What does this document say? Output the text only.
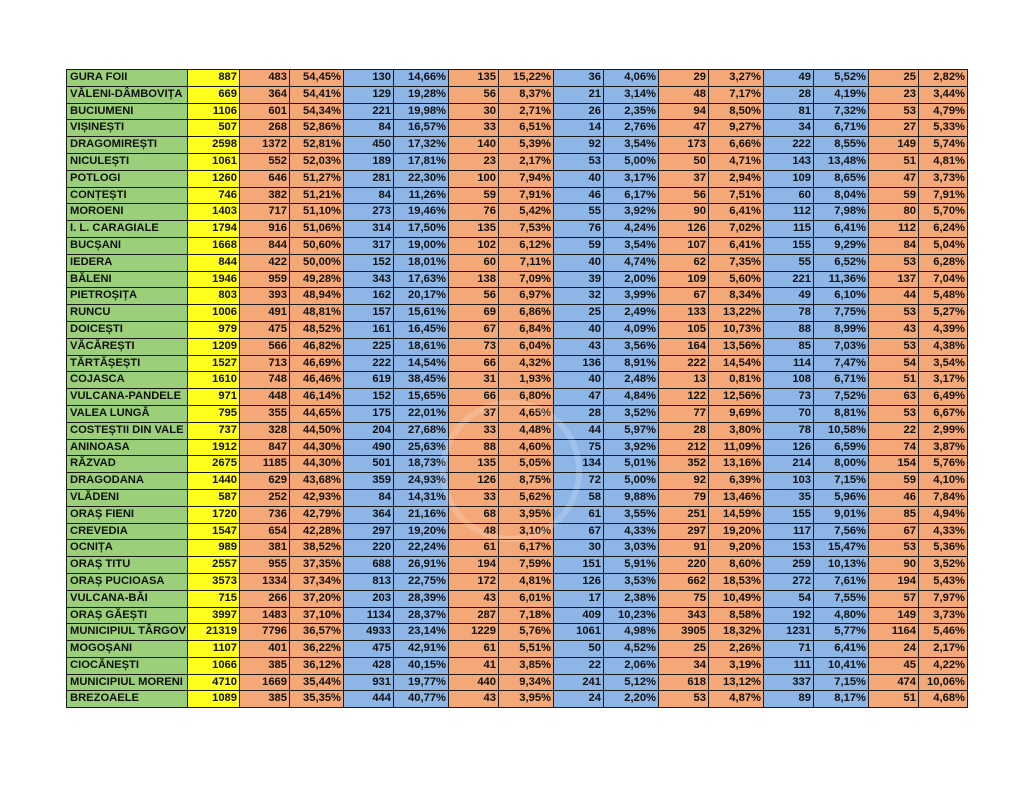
GURA FOII	887	483	54,45%	130	14,66%	135	15,22%	36	4,06%	29	3,27%	49	5,52%	25	2,82%
VĂLENI-DÂMBOVIȚA	669	364	54,41%	129	19,28%	56	8,37%	21	3,14%	48	7,17%	28	4,19%	23	3,44%
BUCIUMENI	1106	601	54,34%	221	19,98%	30	2,71%	26	2,35%	94	8,50%	81	7,32%	53	4,79%
VIȘINEȘTI	507	268	52,86%	84	16,57%	33	6,51%	14	2,76%	47	9,27%	34	6,71%	27	5,33%
DRAGOMIREȘTI	2598	1372	52,81%	450	17,32%	140	5,39%	92	3,54%	173	6,66%	222	8,55%	149	5,74%
NICULEȘTI	1061	552	52,03%	189	17,81%	23	2,17%	53	5,00%	50	4,71%	143	13,48%	51	4,81%
POTLOGI	1260	646	51,27%	281	22,30%	100	7,94%	40	3,17%	37	2,94%	109	8,65%	47	3,73%
CONȚEȘTI	746	382	51,21%	84	11,26%	59	7,91%	46	6,17%	56	7,51%	60	8,04%	59	7,91%
MOROENI	1403	717	51,10%	273	19,46%	76	5,42%	55	3,92%	90	6,41%	112	7,98%	80	5,70%
I. L. CARAGIALE	1794	916	51,06%	314	17,50%	135	7,53%	76	4,24%	126	7,02%	115	6,41%	112	6,24%
BUCȘANI	1668	844	50,60%	317	19,00%	102	6,12%	59	3,54%	107	6,41%	155	9,29%	84	5,04%
IEDERA	844	422	50,00%	152	18,01%	60	7,11%	40	4,74%	62	7,35%	55	6,52%	53	6,28%
BĂLENI	1946	959	49,28%	343	17,63%	138	7,09%	39	2,00%	109	5,60%	221	11,36%	137	7,04%
PIETROȘIȚA	803	393	48,94%	162	20,17%	56	6,97%	32	3,99%	67	8,34%	49	6,10%	44	5,48%
RUNCU	1006	491	48,81%	157	15,61%	69	6,86%	25	2,49%	133	13,22%	78	7,75%	53	5,27%
DOICEȘTI	979	475	48,52%	161	16,45%	67	6,84%	40	4,09%	105	10,73%	88	8,99%	43	4,39%
VĂCĂREȘTI	1209	566	46,82%	225	18,61%	73	6,04%	43	3,56%	164	13,56%	85	7,03%	53	4,38%
TĂRTĂȘEȘTI	1527	713	46,69%	222	14,54%	66	4,32%	136	8,91%	222	14,54%	114	7,47%	54	3,54%
COJASCA	1610	748	46,46%	619	38,45%	31	1,93%	40	2,48%	13	0,81%	108	6,71%	51	3,17%
VULCANA-PANDELE	971	448	46,14%	152	15,65%	66	6,80%	47	4,84%	122	12,56%	73	7,52%	63	6,49%
VALEA LUNGĂ	795	355	44,65%	175	22,01%	37	4,65%	28	3,52%	77	9,69%	70	8,81%	53	6,67%
COSTEȘTII DIN VALE	737	328	44,50%	204	27,68%	33	4,48%	44	5,97%	28	3,80%	78	10,58%	22	2,99%
ANINOASA	1912	847	44,30%	490	25,63%	88	4,60%	75	3,92%	212	11,09%	126	6,59%	74	3,87%
RĂZVAD	2675	1185	44,30%	501	18,73%	135	5,05%	134	5,01%	352	13,16%	214	8,00%	154	5,76%
DRAGODANA	1440	629	43,68%	359	24,93%	126	8,75%	72	5,00%	92	6,39%	103	7,15%	59	4,10%
VLĂDENI	587	252	42,93%	84	14,31%	33	5,62%	58	9,88%	79	13,46%	35	5,96%	46	7,84%
ORAȘ FIENI	1720	736	42,79%	364	21,16%	68	3,95%	61	3,55%	251	14,59%	155	9,01%	85	4,94%
CREVEDIA	1547	654	42,28%	297	19,20%	48	3,10%	67	4,33%	297	19,20%	117	7,56%	67	4,33%
OCNIȚA	989	381	38,52%	220	22,24%	61	6,17%	30	3,03%	91	9,20%	153	15,47%	53	5,36%
ORAȘ TITU	2557	955	37,35%	688	26,91%	194	7,59%	151	5,91%	220	8,60%	259	10,13%	90	3,52%
ORAȘ PUCIOASA	3573	1334	37,34%	813	22,75%	172	4,81%	126	3,53%	662	18,53%	272	7,61%	194	5,43%
VULCANA-BĂI	715	266	37,20%	203	28,39%	43	6,01%	17	2,38%	75	10,49%	54	7,55%	57	7,97%
ORAȘ GĂEȘTI	3997	1483	37,10%	1134	28,37%	287	7,18%	409	10,23%	343	8,58%	192	4,80%	149	3,73%
MUNICIPIUL TÂRGOV	21319	7796	36,57%	4933	23,14%	1229	5,76%	1061	4,98%	3905	18,32%	1231	5,77%	1164	5,46%
MOGOȘANI	1107	401	36,22%	475	42,91%	61	5,51%	50	4,52%	25	2,26%	71	6,41%	24	2,17%
CIOCĂNEȘTI	1066	385	36,12%	428	40,15%	41	3,85%	22	2,06%	34	3,19%	111	10,41%	45	4,22%
MUNICIPIUL MORENI	4710	1669	35,44%	931	19,77%	440	9,34%	241	5,12%	618	13,12%	337	7,15%	474	10,06%
BREZOAELE	1089	385	35,35%	444	40,77%	43	3,95%	24	2,20%	53	4,87%	89	8,17%	51	4,68%
